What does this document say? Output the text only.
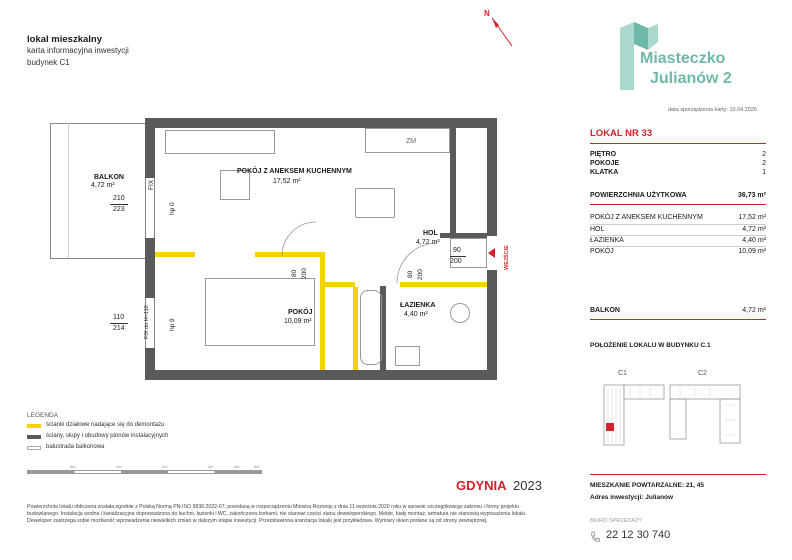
lokal mieszkalny
karta informacyjna inwestycji
budynek C1
N
Miasteczko
Julianów 2
data sporządzenia karty: 10.04.2026
BALKON
4,72 m²
POKÓJ Z ANEKSEM KUCHENNYM
17,52 m²
HOL
4,72 m²
POKÓJ
10,09 m²
ŁAZIENKA
4,40 m²
ZM
210
223
110
214
90
200
80 200	80 200
FIX
hp 0
FIX do H=110	hp 9
WEJŚCIE
LEGENDA
ścianki działowe nadające się do demontażu
ściany, słupy i obudowy pionów instalacyjnych
balustrada balkonowa
0m	1m	2m	3m	4m	5m
GDYNIA 2023
Powierzchnia lokalu obliczona została zgodnie z Polską Normą PN-ISO 9836:2022-07, powołaną w rozporządzeniu Ministra Rozwoju z dnia 11 września 2020 roku w sprawie szczegółowego zakresu i formy projektu budowlanego. Instalacja wodna i kanalizacyjna doprowadzona do kuchni, łazienki i WC, zakończona korkami, nie stanowi części stanu deweloperskiego. Meble, biały montaż, armatura nie stanowią wyposażenia lokalu. Deweloper zastrzega sobie możliwość wprowadzenia niewielkich zmian w dalszym etapie inwestycji. Przedstawiona aranżacja lokalu jest przykładowa. Wymiary okien podane są od strony zewnętrznej.
LOKAL NR 33
PIĘTRO	2
POKOJE	2
KLATKA	1
POWIERZCHNIA UŻYTKOWA	36,73 m²
POKÓJ Z ANEKSEM KUCHENNYM	17,52 m²
HOL	4,72 m²
ŁAZIENKA	4,40 m²
POKÓJ	10,09 m²
BALKON	4,72 m²
POŁOŻENIE LOKALU W BUDYNKU C.1
C1	C2
MIESZKANIE POWTARZALNE: 21, 45
Adres inwestycji: Julianów
BIURO SPRZEDAŻY
22 12 30 740
